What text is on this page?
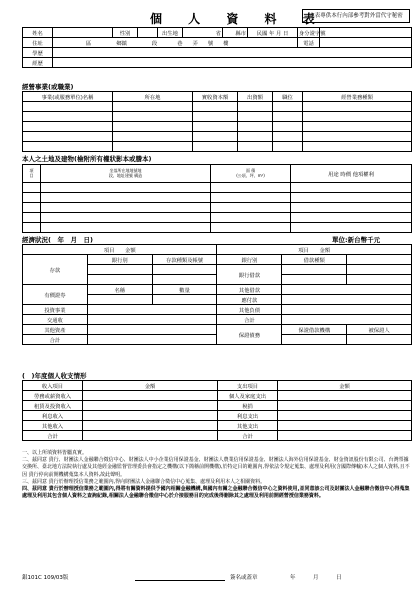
個 人 資 料 表
本表專供本行內部參考對外當代守秘密
姓名		性別		出生地	省	縣市	民國 年 月 日	身分證字號	
住址	區 鄉鎮 段 巷 弄 號 樓							電話	
學歷									
經歷									
經營事業(或職業)
事業(或服務單位)名稱	所在地	實收資本額	出資額	職位	經營業務種類

本人之土地及建物(檢附所有權狀影本或謄本)
項
目	坐落所在地地號地
段、地址建號 構造	面 積
(公頃、坪、m²)	用途 時價 他項權利

經濟狀況(　年　月　日)	單位:新台幣千元
項目　　 金額			項目　　 金額		
存款	銀行別	存款種類及帳號	銀行別	借款種類	
			銀行借款		

有價證券	名稱	數量	其他借款		
			應付款		
投資事業			其他負債		
交通收			合計		
其他資產			保證債務	保證借款機構	被保證人
合計					
(　)年度個人收支情形
收入項目	金額	支出項目	金額
勞務或薪資收入		個人及家庭支出	
租賃及投資收入		稅捐	
利息收入		利息支出	
其他收入		其他支出	
合計		合計	

一、以上所填資料皆屬真實。

二、茲同意 貴行、財團法人金融聯合徵信中心、財團法人中小企業信用保證基金、財團法人農業信用保證基金、財團法人海外信用保證基金、財金資訊股份有限公司、台灣票據交換所、臺北地方法院執行處及其他經金融監督管理委員會指定之機構(以下簡稱前開機構),於特定目的範圍內,得依法令規定蒐集、處理及利用(含國際傳輸)本人之個人資料,且不因 貴行停向前開機構蒐集本人資料,故此聲明。

三、茲同意 貴行於辦理授信業務之範圍內,得向財團法人金融聯合徵信中心蒐集、處理及利用本人之相關資料。

四、茲同意 貴行於辦理授信業務之範圍內,得將有關資料提供予國內相關金融機構,與國內有關之金融聯合徵信中心之資料使用,並同意該公司及財團法人金融聯合徵信中心得蒐集處理及利用其包含個人資料之查詢紀錄,相關法人金融聯合徵信中心於介接服務目的完成後得刪除其之處理及利用前開經營授信業務資料。

銀101C 109/03版	簽名或蓋章	年　月　日
